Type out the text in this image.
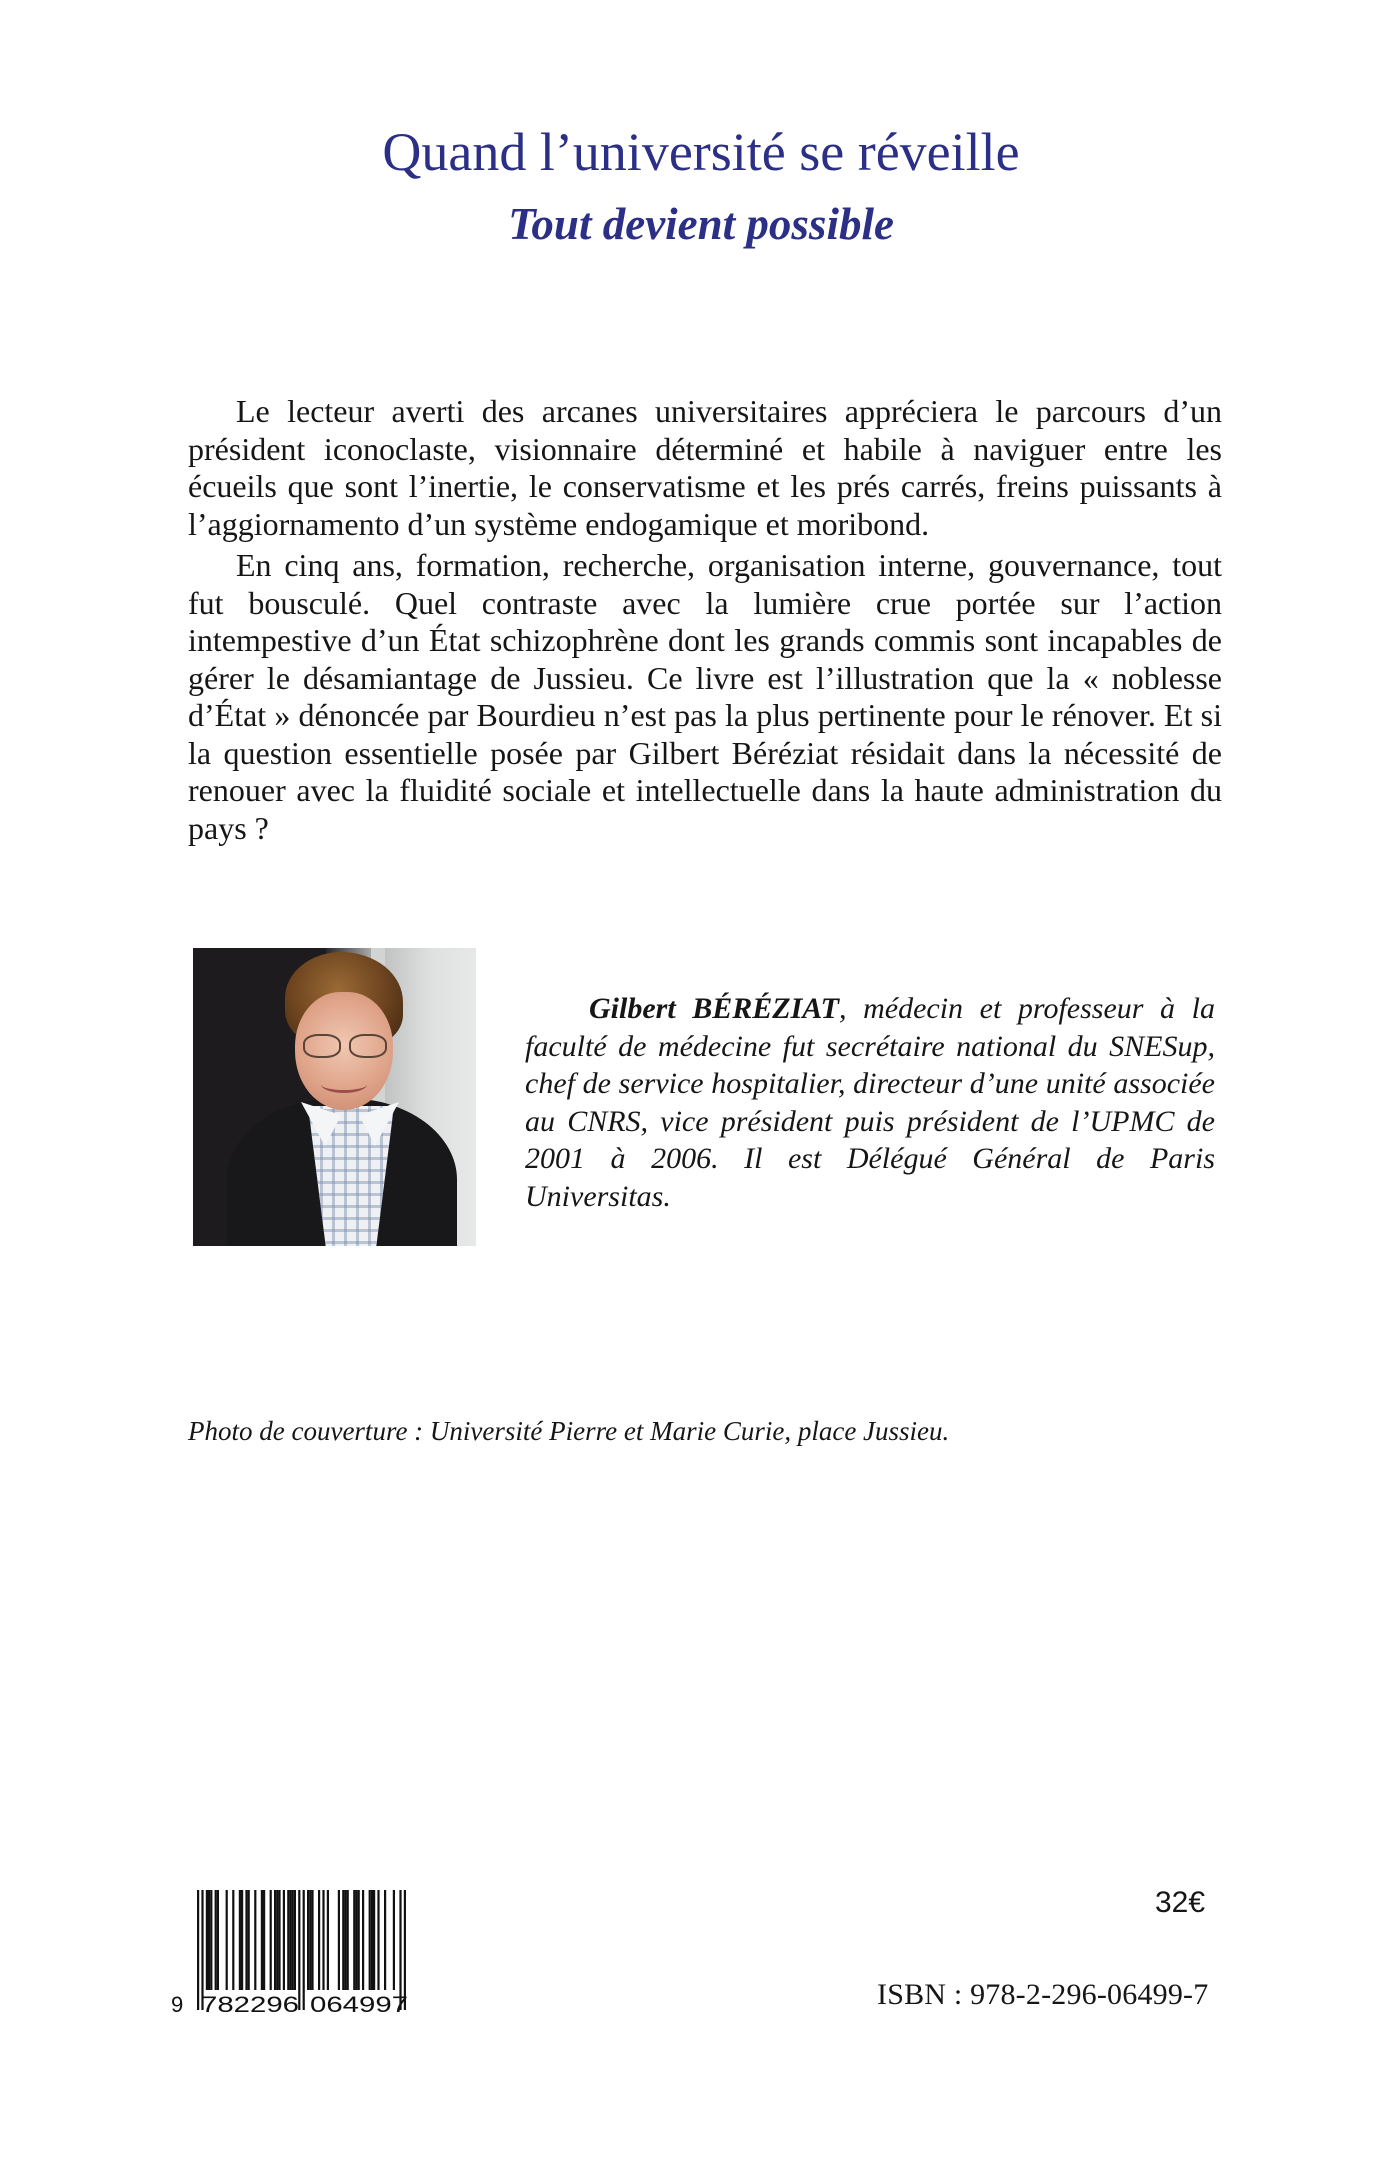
Quand l’université se réveille
Tout devient possible

Le lecteur averti des arcanes universitaires appréciera le parcours d’un président iconoclaste, visionnaire déterminé et habile à naviguer entre les écueils que sont l’inertie, le conservatisme et les prés carrés, freins puissants à l’aggiornamento d’un système endogamique et moribond.

En cinq ans, formation, recherche, organisation interne, gouvernance, tout fut bousculé. Quel contraste avec la lumière crue portée sur l’action intempestive d’un État schizophrène dont les grands commis sont incapables de gérer le désamiantage de Jussieu. Ce livre est l’illustration que la « noblesse d’État » dénoncée par Bourdieu n’est pas la plus pertinente pour le rénover. Et si la question essentielle posée par Gilbert Béréziat résidait dans la nécessité de renouer avec la fluidité sociale et intellectuelle dans la haute administration du pays ?

Gilbert BÉRÉZIAT, médecin et professeur à la faculté de médecine fut secrétaire national du SNESup, chef de service hospitalier, directeur d’une unité associée au CNRS, vice président puis président de l’UPMC de 2001 à 2006. Il est Délégué Général de Paris Universitas.

Photo de couverture : Université Pierre et Marie Curie, place Jussieu.

9 782296 064997

32€

ISBN : 978-2-296-06499-7
